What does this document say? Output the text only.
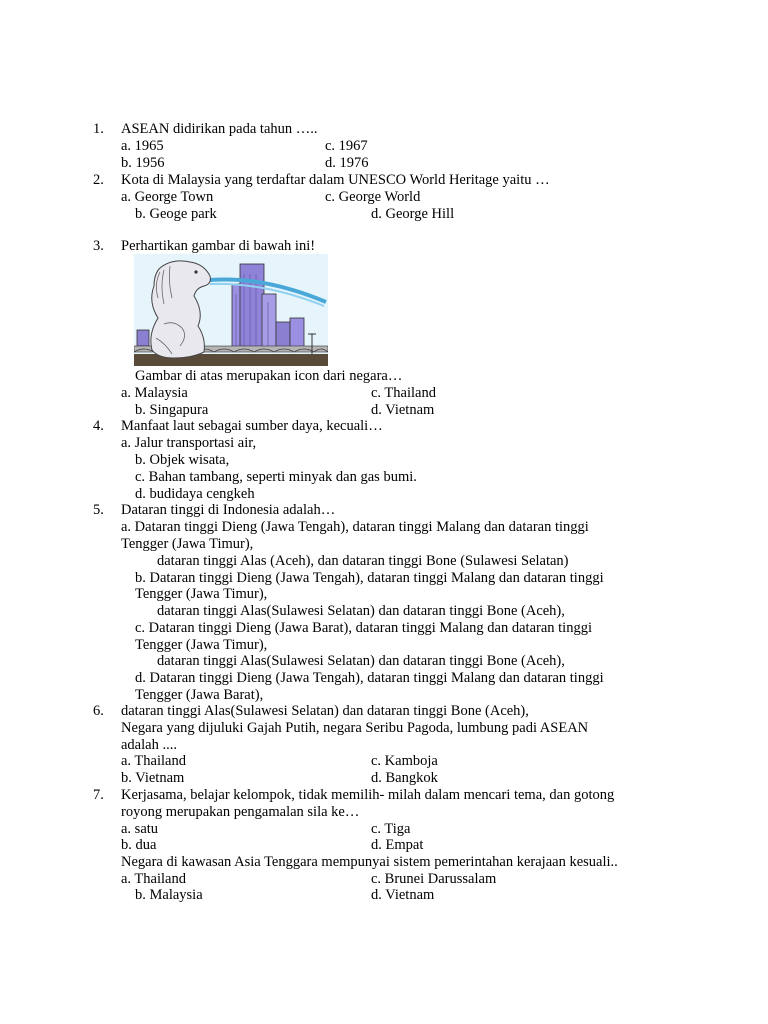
1. ASEAN didirikan pada tahun …..
a. 1965	c. 1967
b. 1956	d. 1976
2. Kota di Malaysia yang terdaftar dalam UNESCO World Heritage yaitu …
a. George Town	c. George World
b. Geoge park	d. George Hill
3. Perhartikan gambar di bawah ini!
Gambar di atas merupakan icon dari negara…
a. Malaysia	c. Thailand
b. Singapura	d. Vietnam
4. Manfaat laut sebagai sumber daya, kecuali…
a. Jalur transportasi air,
b. Objek wisata,
c. Bahan tambang, seperti minyak dan gas bumi.
d. budidaya cengkeh
5. Dataran tinggi di Indonesia adalah…
a. Dataran tinggi Dieng (Jawa Tengah), dataran tinggi Malang dan dataran tinggi
Tengger (Jawa Timur),
dataran tinggi Alas (Aceh), dan dataran tinggi Bone (Sulawesi Selatan)
b. Dataran tinggi Dieng (Jawa Tengah), dataran tinggi Malang dan dataran tinggi
Tengger (Jawa Timur),
dataran tinggi Alas(Sulawesi Selatan) dan dataran tinggi Bone (Aceh),
c. Dataran tinggi Dieng (Jawa Barat), dataran tinggi Malang dan dataran tinggi
Tengger (Jawa Timur),
dataran tinggi Alas(Sulawesi Selatan) dan dataran tinggi Bone (Aceh),
d. Dataran tinggi Dieng (Jawa Tengah), dataran tinggi Malang dan dataran tinggi
Tengger (Jawa Barat),
6. dataran tinggi Alas(Sulawesi Selatan) dan dataran tinggi Bone (Aceh),
Negara yang dijuluki Gajah Putih, negara Seribu Pagoda, lumbung padi ASEAN
adalah ....
a. Thailand	c. Kamboja
b. Vietnam	d. Bangkok
7. Kerjasama, belajar kelompok, tidak memilih- milah dalam mencari tema, dan gotong
royong merupakan pengamalan sila ke…
a. satu	c. Tiga
b. dua	d. Empat
Negara di kawasan Asia Tenggara mempunyai sistem pemerintahan kerajaan kesuali..
a. Thailand	c. Brunei Darussalam
b. Malaysia	d. Vietnam
